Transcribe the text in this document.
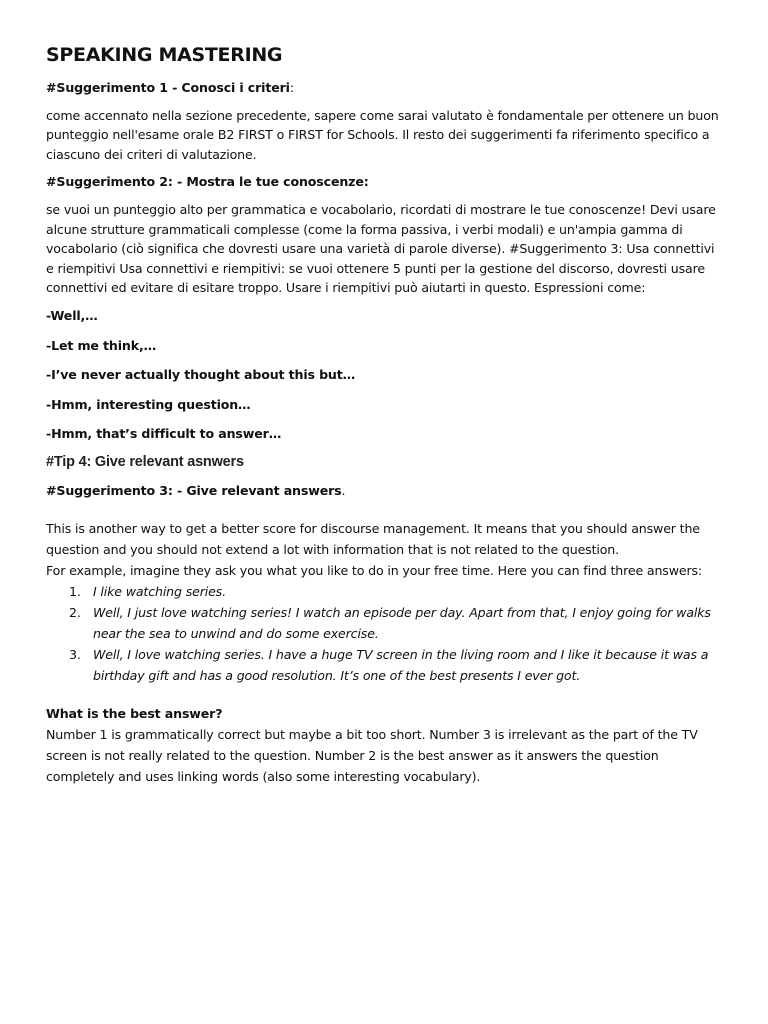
SPEAKING MASTERING

#Suggerimento 1 - Conosci i criteri:

come accennato nella sezione precedente, sapere come sarai valutato è fondamentale per ottenere un buon punteggio nell'esame orale B2 FIRST o FIRST for Schools. Il resto dei suggerimenti fa riferimento specifico a ciascuno dei criteri di valutazione.

#Suggerimento 2: - Mostra le tue conoscenze:

se vuoi un punteggio alto per grammatica e vocabolario, ricordati di mostrare le tue conoscenze! Devi usare alcune strutture grammaticali complesse (come la forma passiva, i verbi modali) e un'ampia gamma di vocabolario (ciò significa che dovresti usare una varietà di parole diverse). #Suggerimento 3: Usa connettivi e riempitivi Usa connettivi e riempitivi: se vuoi ottenere 5 punti per la gestione del discorso, dovresti usare connettivi ed evitare di esitare troppo. Usare i riempitivi può aiutarti in questo. Espressioni come:

-Well,…

-Let me think,…

-I’ve never actually thought about this but…

-Hmm, interesting question…

-Hmm, that’s difficult to answer…

#Tip 4: Give relevant asnwers

#Suggerimento 3: - Give relevant answers.

This is another way to get a better score for discourse management. It means that you should answer the question and you should not extend a lot with information that is not related to the question.

For example, imagine they ask you what you like to do in your free time. Here you can find three answers:

1. I like watching series.
2. Well, I just love watching series! I watch an episode per day. Apart from that, I enjoy going for walks near the sea to unwind and do some exercise.
3. Well, I love watching series. I have a huge TV screen in the living room and I like it because it was a birthday gift and has a good resolution. It’s one of the best presents I ever got.

What is the best answer?

Number 1 is grammatically correct but maybe a bit too short. Number 3 is irrelevant as the part of the TV screen is not really related to the question. Number 2 is the best answer as it answers the question completely and uses linking words (also some interesting vocabulary).
